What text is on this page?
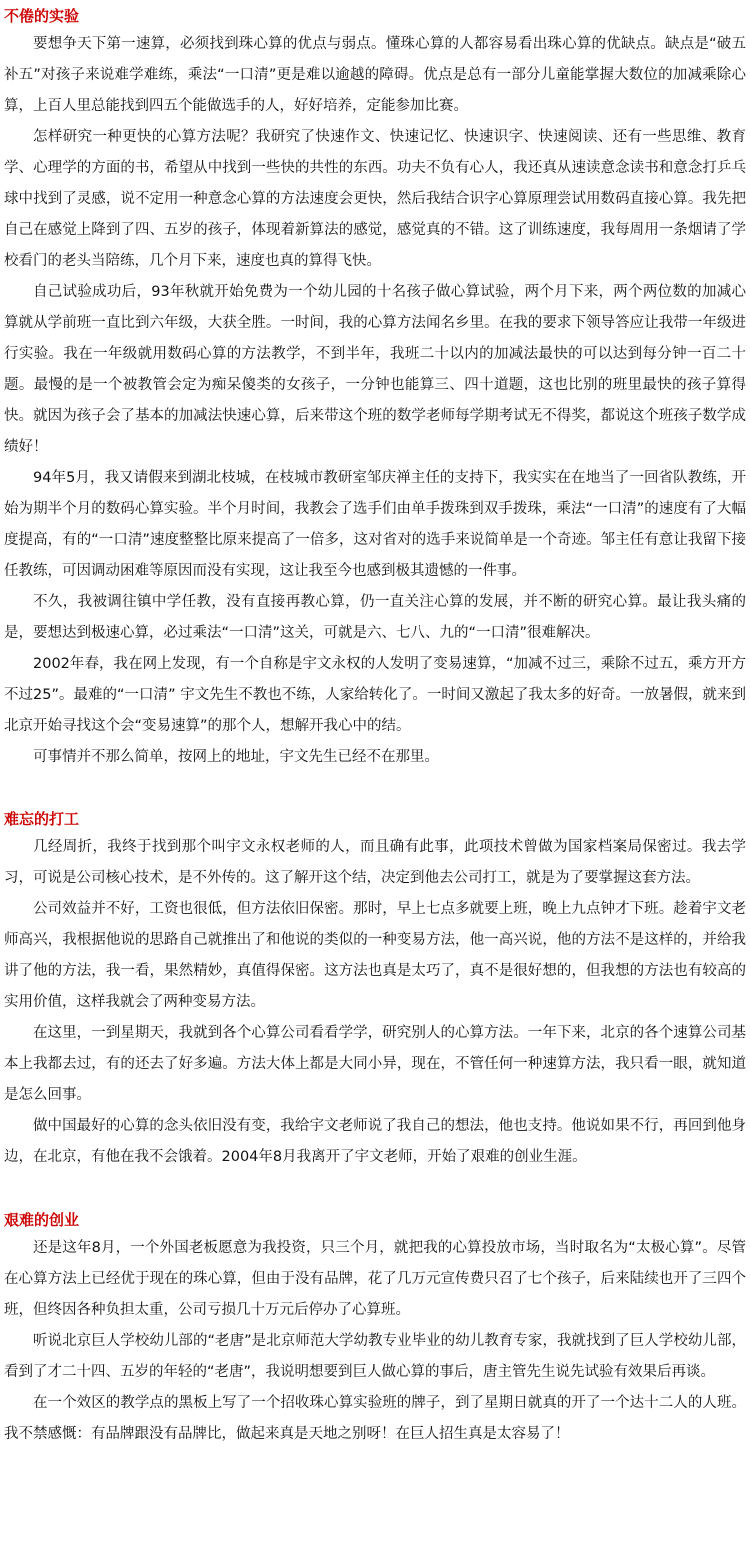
不倦的实验

要想争天下第一速算，必须找到珠心算的优点与弱点。懂珠心算的人都容易看出珠心算的优缺点。缺点是“破五补五”对孩子来说难学难练，乘法“一口清”更是难以逾越的障碍。优点是总有一部分儿童能掌握大数位的加减乘除心算，上百人里总能找到四五个能做选手的人，好好培养，定能参加比赛。

怎样研究一种更快的心算方法呢？我研究了快速作文、快速记忆、快速识字、快速阅读、还有一些思维、教育学、心理学的方面的书，希望从中找到一些快的共性的东西。功夫不负有心人，我还真从速读意念读书和意念打乒乓球中找到了灵感，说不定用一种意念心算的方法速度会更快，然后我结合识字心算原理尝试用数码直接心算。我先把自己在感觉上降到了四、五岁的孩子，体现着新算法的感觉，感觉真的不错。这了训练速度，我每周用一条烟请了学校看门的老头当陪练，几个月下来，速度也真的算得飞快。

自己试验成功后，93年秋就开始免费为一个幼儿园的十名孩子做心算试验，两个月下来，两个两位数的加减心算就从学前班一直比到六年级，大获全胜。一时间，我的心算方法闻名乡里。在我的要求下领导答应让我带一年级进行实验。我在一年级就用数码心算的方法教学，不到半年，我班二十以内的加减法最快的可以达到每分钟一百二十题。最慢的是一个被教管会定为痴呆傻类的女孩子，一分钟也能算三、四十道题，这也比别的班里最快的孩子算得快。就因为孩子会了基本的加减法快速心算，后来带这个班的数学老师每学期考试无不得奖，都说这个班孩子数学成绩好！

94年5月，我又请假来到湖北枝城，在枝城市教研室邹庆禅主任的支持下，我实实在在地当了一回省队教练，开始为期半个月的数码心算实验。半个月时间，我教会了选手们由单手拨珠到双手拨珠，乘法“一口清”的速度有了大幅度提高，有的“一口清”速度整整比原来提高了一倍多，这对省对的选手来说简单是一个奇迹。邹主任有意让我留下接任教练，可因调动困难等原因而没有实现，这让我至今也感到极其遗憾的一件事。

不久，我被调往镇中学任教，没有直接再教心算，仍一直关注心算的发展，并不断的研究心算。最让我头痛的是，要想达到极速心算，必过乘法“一口清”这关，可就是六、七八、九的“一口清”很难解决。

2002年春，我在网上发现，有一个自称是宇文永权的人发明了变易速算，“加减不过三，乘除不过五，乘方开方不过25”。最难的“一口清” 宇文先生不教也不练，人家给转化了。一时间又激起了我太多的好奇。一放暑假，就来到北京开始寻找这个会“变易速算”的那个人，想解开我心中的结。

可事情并不那么简单，按网上的地址，宇文先生已经不在那里。

难忘的打工

几经周折，我终于找到那个叫宇文永权老师的人，而且确有此事，此项技术曾做为国家档案局保密过。我去学习，可说是公司核心技术，是不外传的。这了解开这个结，决定到他去公司打工，就是为了要掌握这套方法。

公司效益并不好，工资也很低，但方法依旧保密。那时，早上七点多就要上班，晚上九点钟才下班。趁着宇文老师高兴，我根据他说的思路自己就推出了和他说的类似的一种变易方法，他一高兴说，他的方法不是这样的，并给我讲了他的方法，我一看，果然精妙，真值得保密。这方法也真是太巧了，真不是很好想的，但我想的方法也有较高的实用价值，这样我就会了两种变易方法。

在这里，一到星期天，我就到各个心算公司看看学学，研究别人的心算方法。一年下来，北京的各个速算公司基本上我都去过，有的还去了好多遍。方法大体上都是大同小异，现在，不管任何一种速算方法，我只看一眼，就知道是怎么回事。

做中国最好的心算的念头依旧没有变，我给宇文老师说了我自己的想法，他也支持。他说如果不行，再回到他身边，在北京，有他在我不会饿着。2004年8月我离开了宇文老师，开始了艰难的创业生涯。

艰难的创业

还是这年8月，一个外国老板愿意为我投资，只三个月，就把我的心算投放市场，当时取名为“太极心算”。尽管在心算方法上已经优于现在的珠心算，但由于没有品牌，花了几万元宣传费只召了七个孩子，后来陆续也开了三四个班，但终因各种负担太重，公司亏损几十万元后停办了心算班。

听说北京巨人学校幼儿部的“老唐”是北京师范大学幼教专业毕业的幼儿教育专家，我就找到了巨人学校幼儿部，看到了才二十四、五岁的年轻的“老唐”，我说明想要到巨人做心算的事后，唐主管先生说先试验有效果后再谈。

在一个效区的教学点的黑板上写了一个招收珠心算实验班的牌子，到了星期日就真的开了一个达十二人的人班。我不禁感慨：有品牌跟没有品牌比，做起来真是天地之别呀！在巨人招生真是太容易了！
